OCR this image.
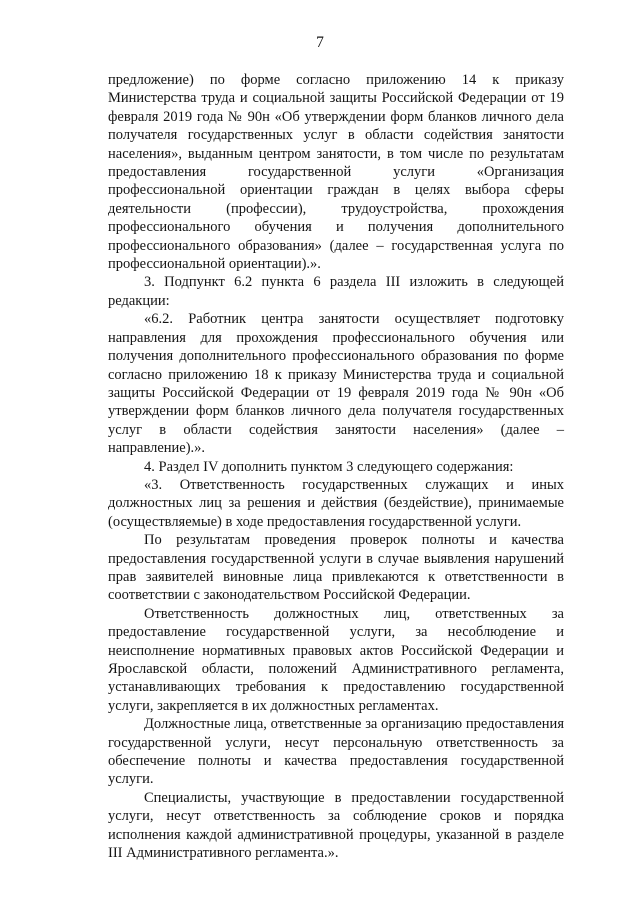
7

предложение) по форме согласно приложению 14 к приказу Министерства труда и социальной защиты Российской Федерации от 19 февраля 2019 года № 90н «Об утверждении форм бланков личного дела получателя государственных услуг в области содействия занятости населения», выданным центром занятости, в том числе по результатам предоставления государственной услуги «Организация профессиональной ориентации граждан в целях выбора сферы деятельности (профессии), трудоустройства, прохождения профессионального обучения и получения дополнительного профессионального образования» (далее – государственная услуга по профессиональной ориентации).».

3. Подпункт 6.2 пункта 6 раздела III изложить в следующей редакции:

«6.2. Работник центра занятости осуществляет подготовку направления для прохождения профессионального обучения или получения дополнительного профессионального образования по форме согласно приложению 18 к приказу Министерства труда и социальной защиты Российской Федерации от 19 февраля 2019 года № 90н «Об утверждении форм бланков личного дела получателя государственных услуг в области содействия занятости населения» (далее – направление).».

4. Раздел IV дополнить пунктом 3 следующего содержания:

«3. Ответственность государственных служащих и иных должностных лиц за решения и действия (бездействие), принимаемые (осуществляемые) в ходе предоставления государственной услуги.

По результатам проведения проверок полноты и качества предоставления государственной услуги в случае выявления нарушений прав заявителей виновные лица привлекаются к ответственности в соответствии с законодательством Российской Федерации.

Ответственность должностных лиц, ответственных за предоставление государственной услуги, за несоблюдение и неисполнение нормативных правовых актов Российской Федерации и Ярославской области, положений Административного регламента, устанавливающих требования к предоставлению государственной услуги, закрепляется в их должностных регламентах.

Должностные лица, ответственные за организацию предоставления государственной услуги, несут персональную ответственность за обеспечение полноты и качества предоставления государственной услуги.

Специалисты, участвующие в предоставлении государственной услуги, несут ответственность за соблюдение сроков и порядка исполнения каждой административной процедуры, указанной в разделе III Административного регламента.».
